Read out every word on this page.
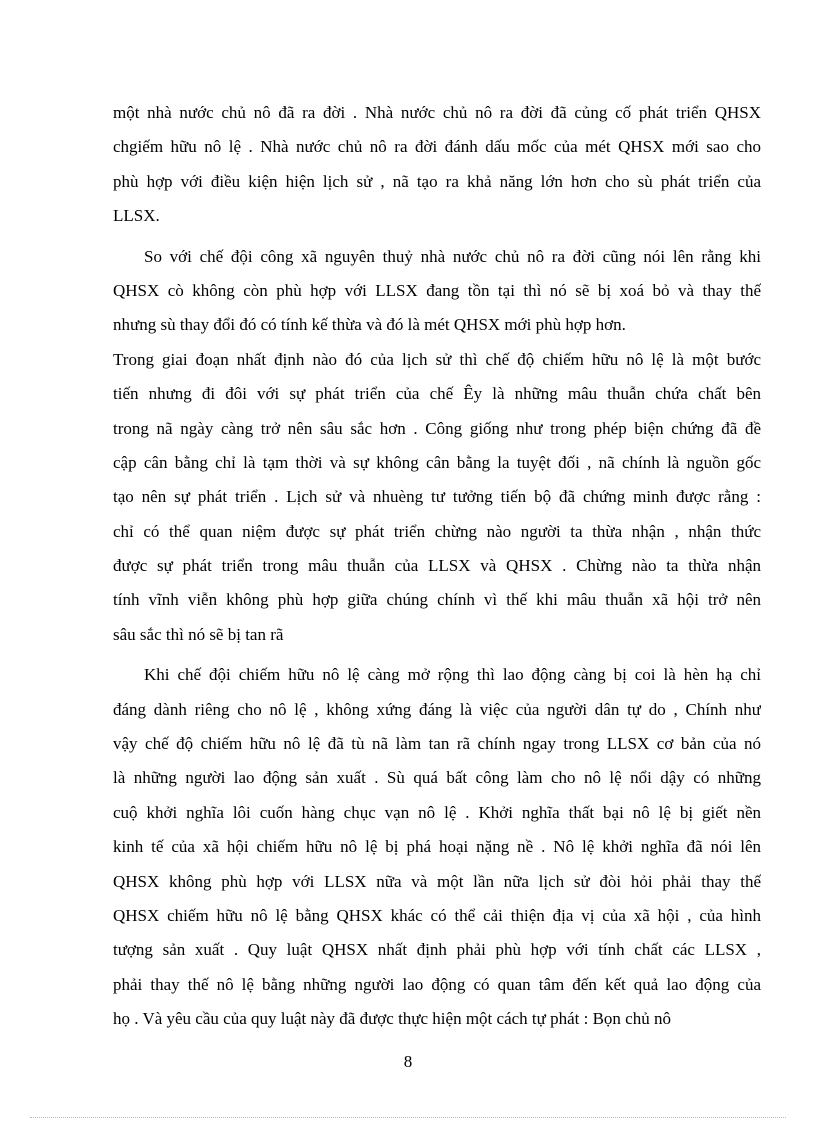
một nhà nước chủ nô đã ra đời . Nhà nước chủ nô ra đời đã củng cố phát triển QHSX
chgiếm hữu nô lệ . Nhà nước chủ nô ra đời đánh dấu mốc của mét QHSX mới sao cho
phù hợp với điều kiện hiện lịch sử , nã tạo ra khả năng lớn hơn cho sù phát triển của
LLSX.
So với chế đội công xã nguyên thuỷ nhà nước chủ nô ra đời cũng nói lên rằng khi
QHSX cò không còn phù hợp với LLSX đang tồn tại thì nó sẽ bị xoá bỏ và thay thế
nhưng sù thay đổi đó có tính kế thừa và đó là mét QHSX mới phù hợp hơn.
Trong giai đoạn nhất định nào đó của lịch sử thì chế độ chiếm hữu nô lệ là một bước
tiến nhưng đi đôi với sự phát triển của chế Êy là những mâu thuẫn chứa chất bên
trong nã ngày càng trở nên sâu sắc hơn . Công giống như trong phép biện chứng đã đề
cập cân bằng chỉ là tạm thời và sự không cân bằng la tuyệt đối , nã chính là nguồn gốc
tạo nên sự phát triển . Lịch sử và nhuèng tư tưởng tiến bộ đã chứng minh được rằng :
chỉ có thể quan niệm được sự phát triển chừng nào người ta thừa nhận , nhận thức
được sự phát triển trong mâu thuẫn của LLSX và QHSX . Chừng nào ta thừa nhận
tính vĩnh viễn không phù hợp giữa chúng chính vì thế khi mâu thuẫn xã hội trở nên
sâu sắc thì nó sẽ bị tan rã
Khi chế đội chiếm hữu nô lệ càng mở rộng thì lao động càng bị coi là hèn hạ chỉ
đáng dành riêng cho nô lệ , không xứng đáng là việc của người dân tự do , Chính như
vậy chế độ chiếm hữu nô lệ đã tù nã làm tan rã chính ngay trong LLSX cơ bản của nó
là những người lao động sản xuất . Sù quá bất công làm cho nô lệ nổi dậy có những
cuộ khởi nghĩa lôi cuốn hàng chục vạn nô lệ . Khởi nghĩa thất bại nô lệ bị giết nền
kinh tế của xã hội chiếm hữu nô lệ bị phá hoại nặng nề . Nô lệ khởi nghĩa đã nói lên
QHSX không phù hợp với LLSX nữa và một lần nữa lịch sử đòi hỏi phải thay thế
QHSX chiếm hữu nô lệ bằng QHSX khác có thể cải thiện địa vị của xã hội , của hình
tượng sản xuất . Quy luật QHSX nhất định phải phù hợp với tính chất các LLSX ,
phải thay thế nô lệ bằng những người lao động có quan tâm đến kết quả lao động của
họ . Và yêu cầu của quy luật này đã được thực hiện một cách tự phát : Bọn chủ nô
8
